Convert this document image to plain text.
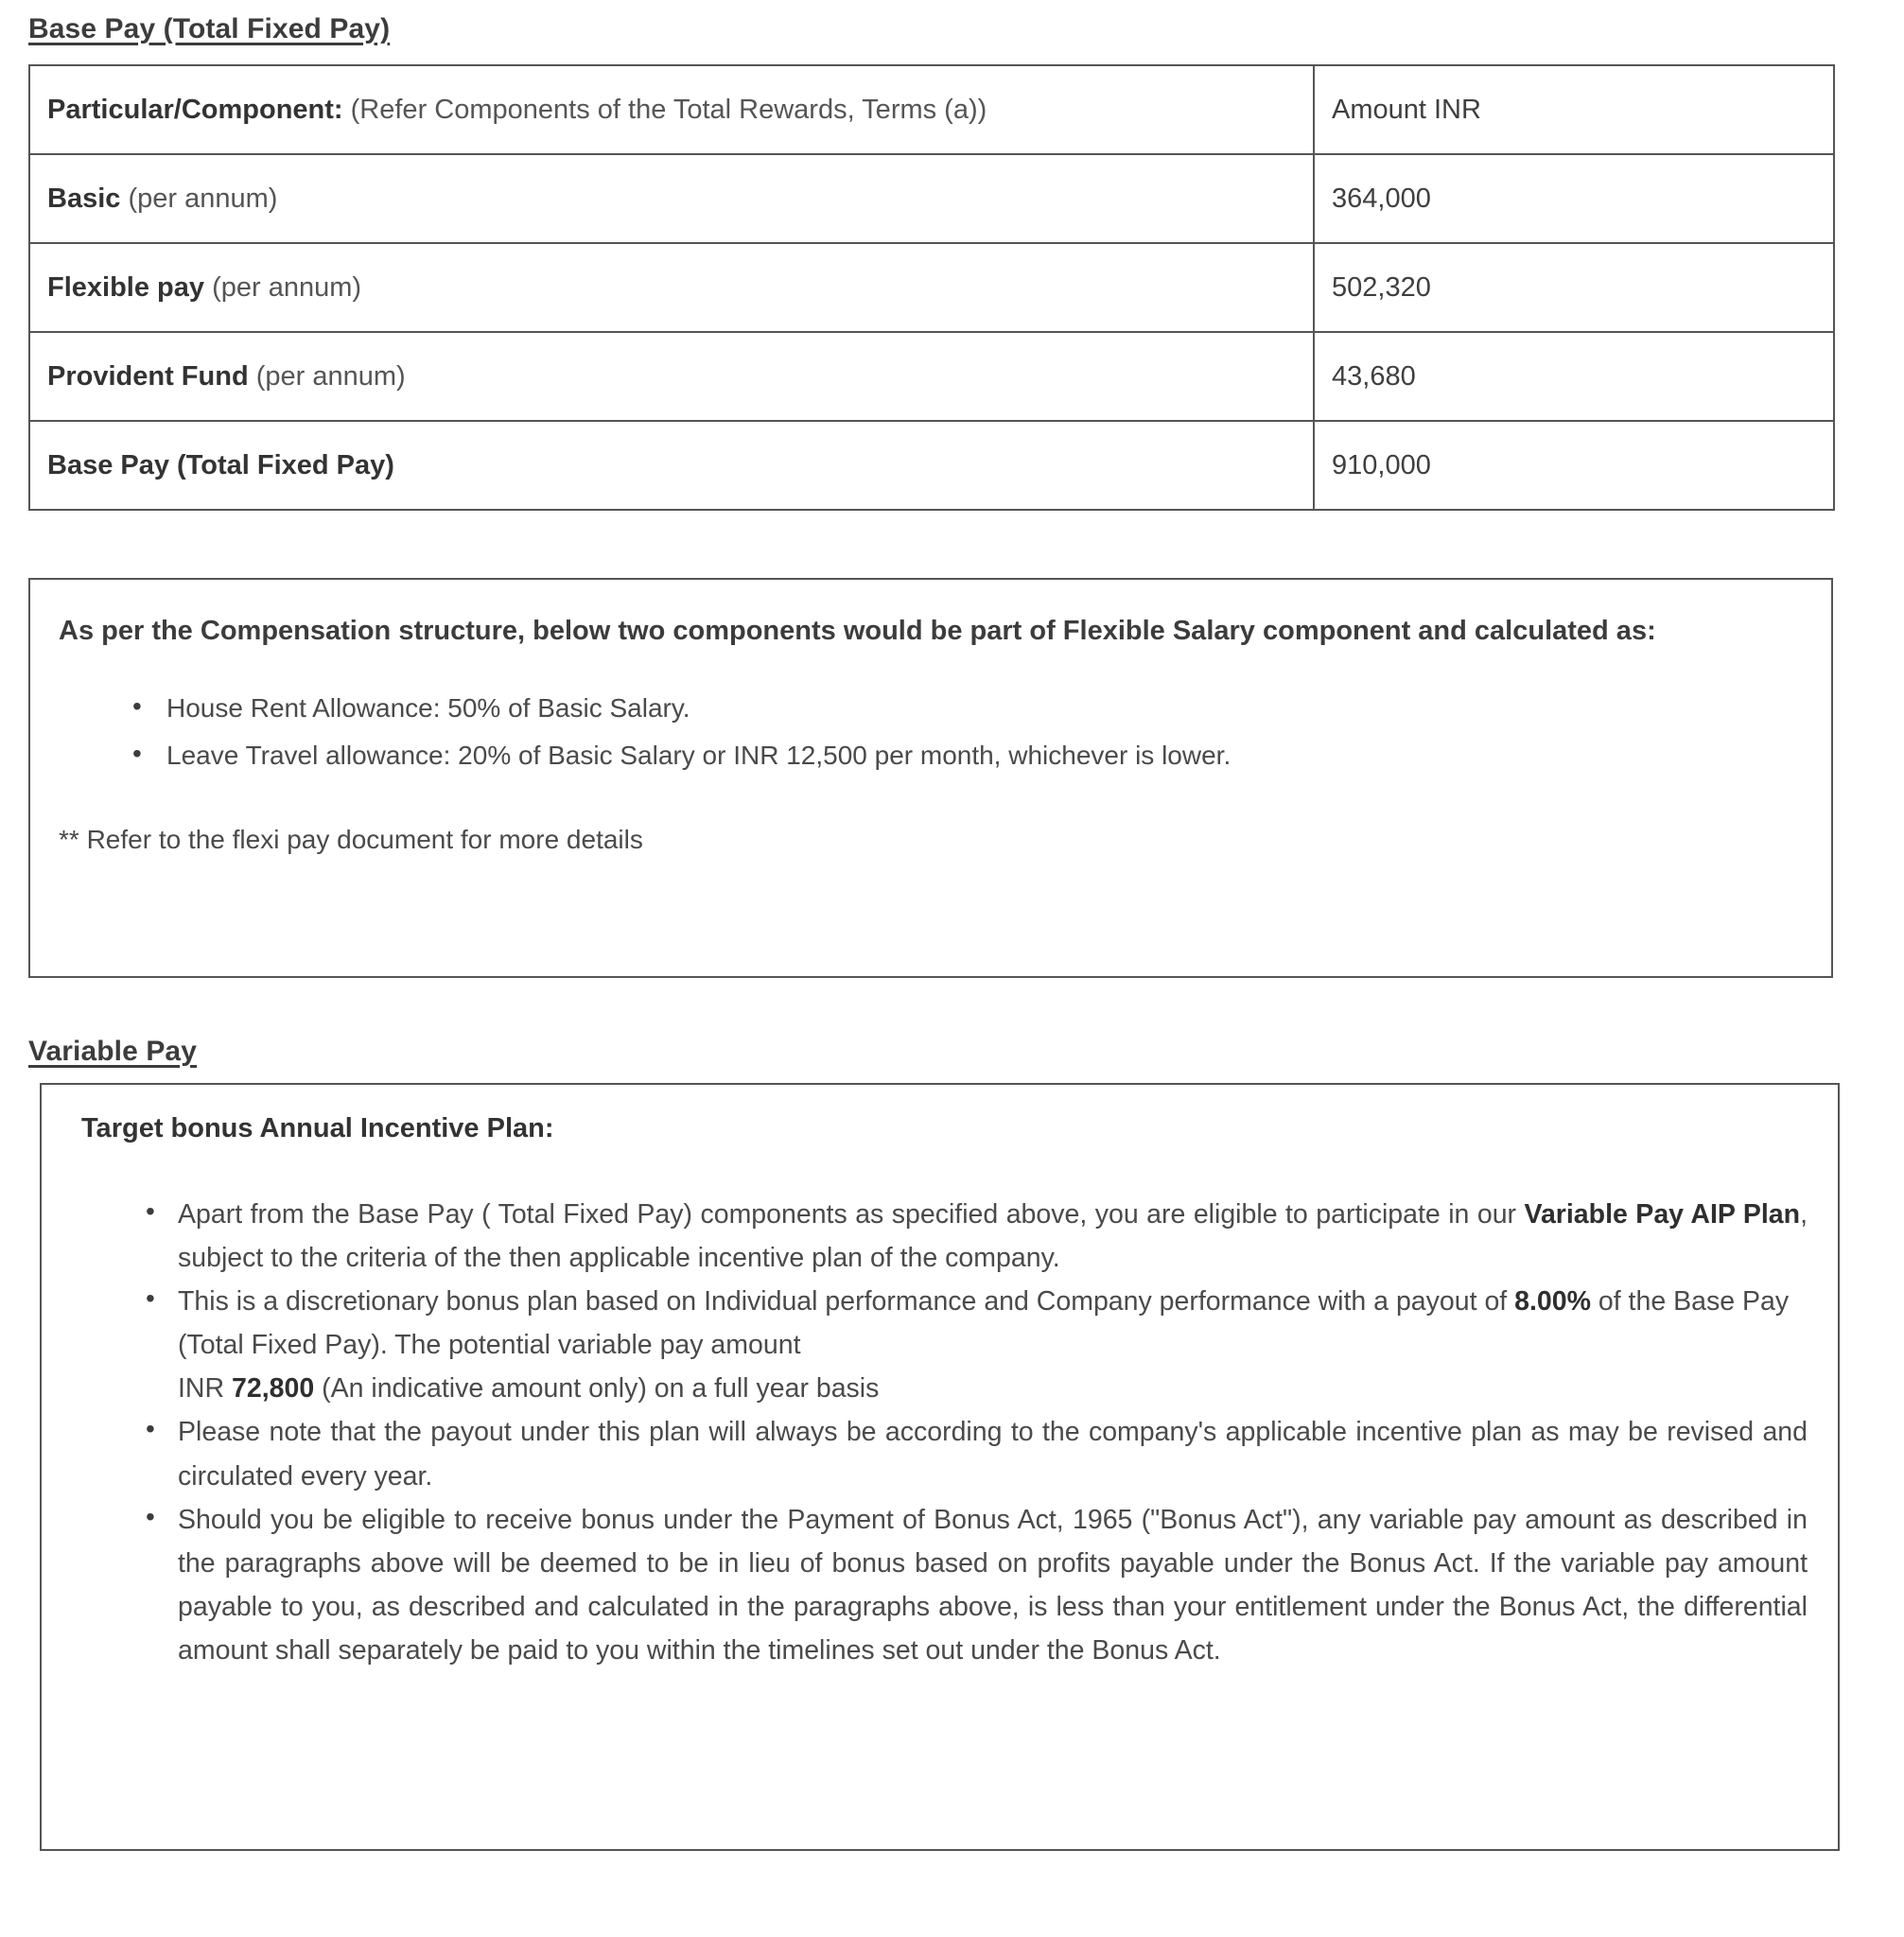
Base Pay (Total Fixed Pay)
Particular/Component: (Refer Components of the Total Rewards, Terms (a))	Amount INR
Basic (per annum)	364,000
Flexible pay (per annum)	502,320
Provident Fund (per annum)	43,680
Base Pay (Total Fixed Pay)	910,000

As per the Compensation structure, below two components would be part of Flexible Salary component and calculated as:

• House Rent Allowance: 50% of Basic Salary.
• Leave Travel allowance: 20% of Basic Salary or INR 12,500 per month, whichever is lower.

** Refer to the flexi pay document for more details

Variable Pay

Target bonus Annual Incentive Plan:

• Apart from the Base Pay ( Total Fixed Pay) components as specified above, you are eligible to participate in our Variable Pay AIP Plan, subject to the criteria of the then applicable incentive plan of the company.
• This is a discretionary bonus plan based on Individual performance and Company performance with a payout of 8.00% of the Base Pay (Total Fixed Pay). The potential variable pay amount
INR 72,800 (An indicative amount only) on a full year basis
• Please note that the payout under this plan will always be according to the company's applicable incentive plan as may be revised and circulated every year.
• Should you be eligible to receive bonus under the Payment of Bonus Act, 1965 ("Bonus Act"), any variable pay amount as described in the paragraphs above will be deemed to be in lieu of bonus based on profits payable under the Bonus Act. If the variable pay amount payable to you, as described and calculated in the paragraphs above, is less than your entitlement under the Bonus Act, the differential amount shall separately be paid to you within the timelines set out under the Bonus Act.
